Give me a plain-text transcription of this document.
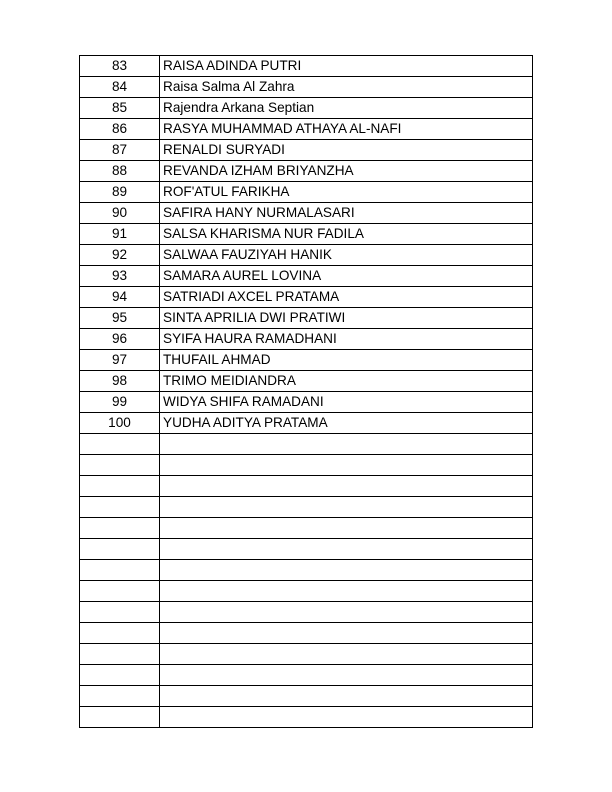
83	RAISA ADINDA PUTRI
84	Raisa Salma Al Zahra
85	Rajendra Arkana Septian
86	RASYA MUHAMMAD ATHAYA AL-NAFI
87	RENALDI SURYADI
88	REVANDA IZHAM BRIYANZHA
89	ROF'ATUL FARIKHA
90	SAFIRA HANY NURMALASARI
91	SALSA KHARISMA NUR FADILA
92	SALWAA FAUZIYAH HANIK
93	SAMARA AUREL LOVINA
94	SATRIADI AXCEL PRATAMA
95	SINTA APRILIA DWI PRATIWI
96	SYIFA HAURA RAMADHANI
97	THUFAIL AHMAD
98	TRIMO MEIDIANDRA
99	WIDYA SHIFA RAMADANI
100	YUDHA ADITYA PRATAMA
